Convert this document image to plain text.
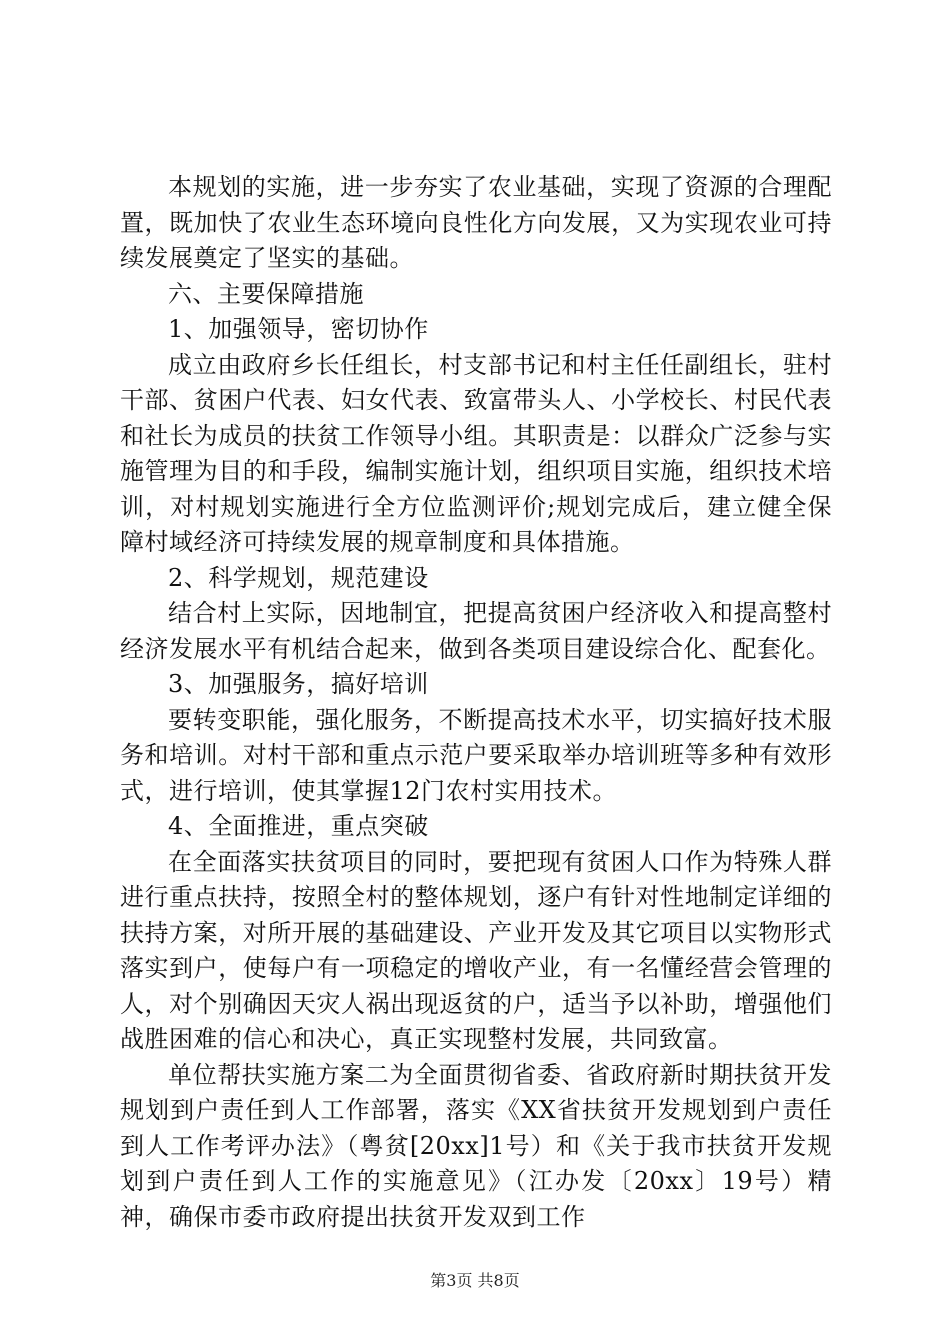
本规划的实施，进一步夯实了农业基础，实现了资源的合理配置，既加快了农业生态环境向良性化方向发展，又为实现农业可持续发展奠定了坚实的基础。

六、主要保障措施

1、加强领导，密切协作

成立由政府乡长任组长，村支部书记和村主任任副组长，驻村干部、贫困户代表、妇女代表、致富带头人、小学校长、村民代表和社长为成员的扶贫工作领导小组。其职责是：以群众广泛参与实施管理为目的和手段，编制实施计划，组织项目实施，组织技术培训，对村规划实施进行全方位监测评价;规划完成后，建立健全保障村域经济可持续发展的规章制度和具体措施。

2、科学规划，规范建设

结合村上实际，因地制宜，把提高贫困户经济收入和提高整村经济发展水平有机结合起来，做到各类项目建设综合化、配套化。

3、加强服务，搞好培训

要转变职能，强化服务，不断提高技术水平，切实搞好技术服务和培训。对村干部和重点示范户要采取举办培训班等多种有效形式，进行培训，使其掌握12门农村实用技术。

4、全面推进，重点突破

在全面落实扶贫项目的同时，要把现有贫困人口作为特殊人群进行重点扶持，按照全村的整体规划，逐户有针对性地制定详细的扶持方案，对所开展的基础建设、产业开发及其它项目以实物形式落实到户，使每户有一项稳定的增收产业，有一名懂经营会管理的人，对个别确因天灾人祸出现返贫的户，适当予以补助，增强他们战胜困难的信心和决心，真正实现整村发展，共同致富。

单位帮扶实施方案二为全面贯彻省委、省政府新时期扶贫开发规划到户责任到人工作部署，落实《XX省扶贫开发规划到户责任到人工作考评办法》（粤贫[20xx]1号）和《关于我市扶贫开发规划到户责任到人工作的实施意见》（江办发〔20xx〕19号）精神，确保市委市政府提出扶贫开发双到工作

第3页 共8页
